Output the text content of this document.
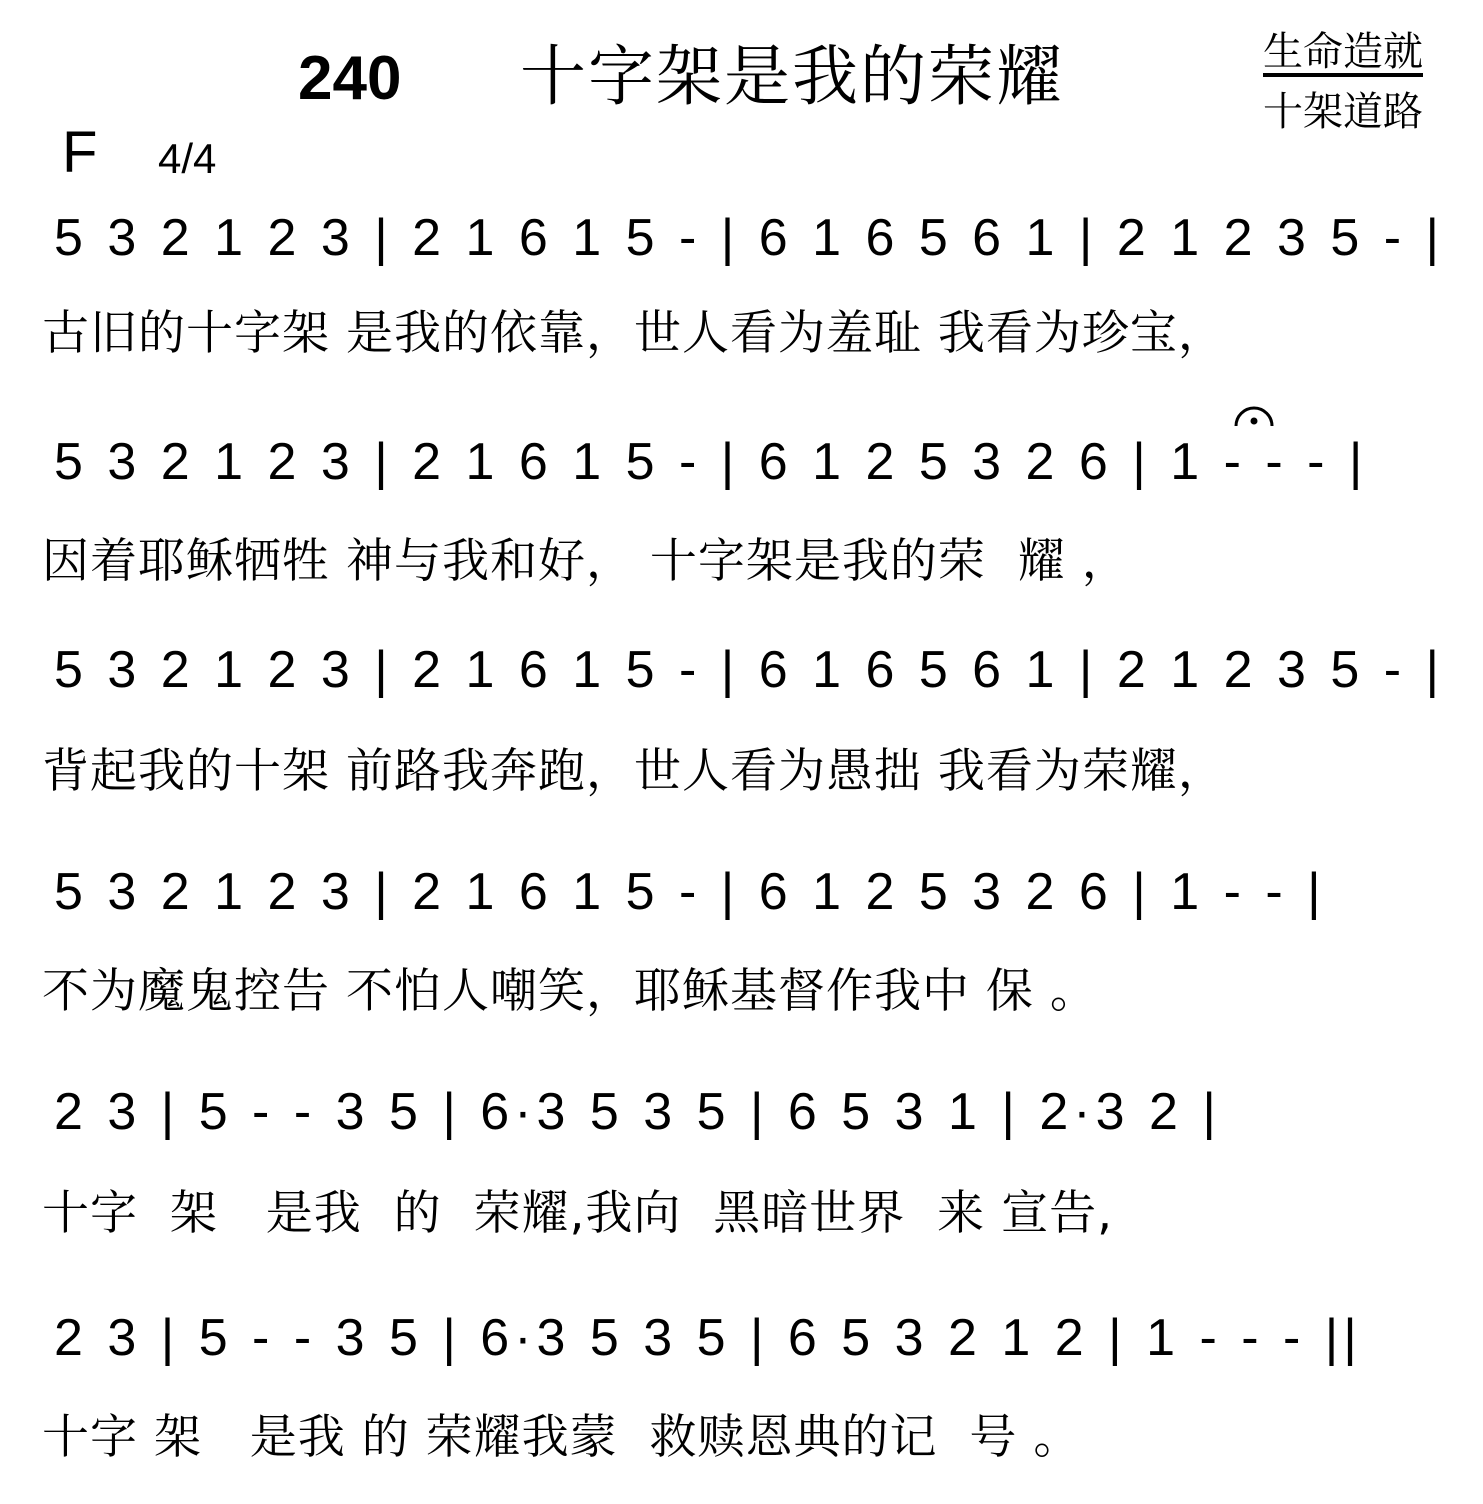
240 十字架是我的荣耀	生命造就
十架道路
F 4/4
5 3 2 1 2 3 | 2 1 6 1 5 - | 6 1 6 5 6 1 | 2 1 2 3 5 - |
古旧的十字架 是我的依靠，世人看为羞耻 我看为珍宝，
5 3 2 1 2 3 | 2 1 6 1 5 - | 6 1 2 5 3 2 6 | 1 - - - |
因着耶稣牺牲 神与我和好， 十字架是我的荣  耀 ，
5 3 2 1 2 3 | 2 1 6 1 5 - | 6 1 6 5 6 1 | 2 1 2 3 5 - |
背起我的十架 前路我奔跑，世人看为愚拙 我看为荣耀，
5 3 2 1 2 3 | 2 1 6 1 5 - | 6 1 2 5 3 2 6 | 1 - - |
不为魔鬼控告 不怕人嘲笑，耶稣基督作我中 保 。
2 3 | 5 - - 3 5 | 6·3 5 3 5 | 6 5 3 1 | 2·3 2 |
十字  架   是我  的  荣耀,我向  黑暗世界  来 宣告,
2 3 | 5 - - 3 5 | 6·3 5 3 5 | 6 5 3 2 1 2 | 1 - - - ||
十字 架   是我 的 荣耀我蒙  救赎恩典的记  号 。
